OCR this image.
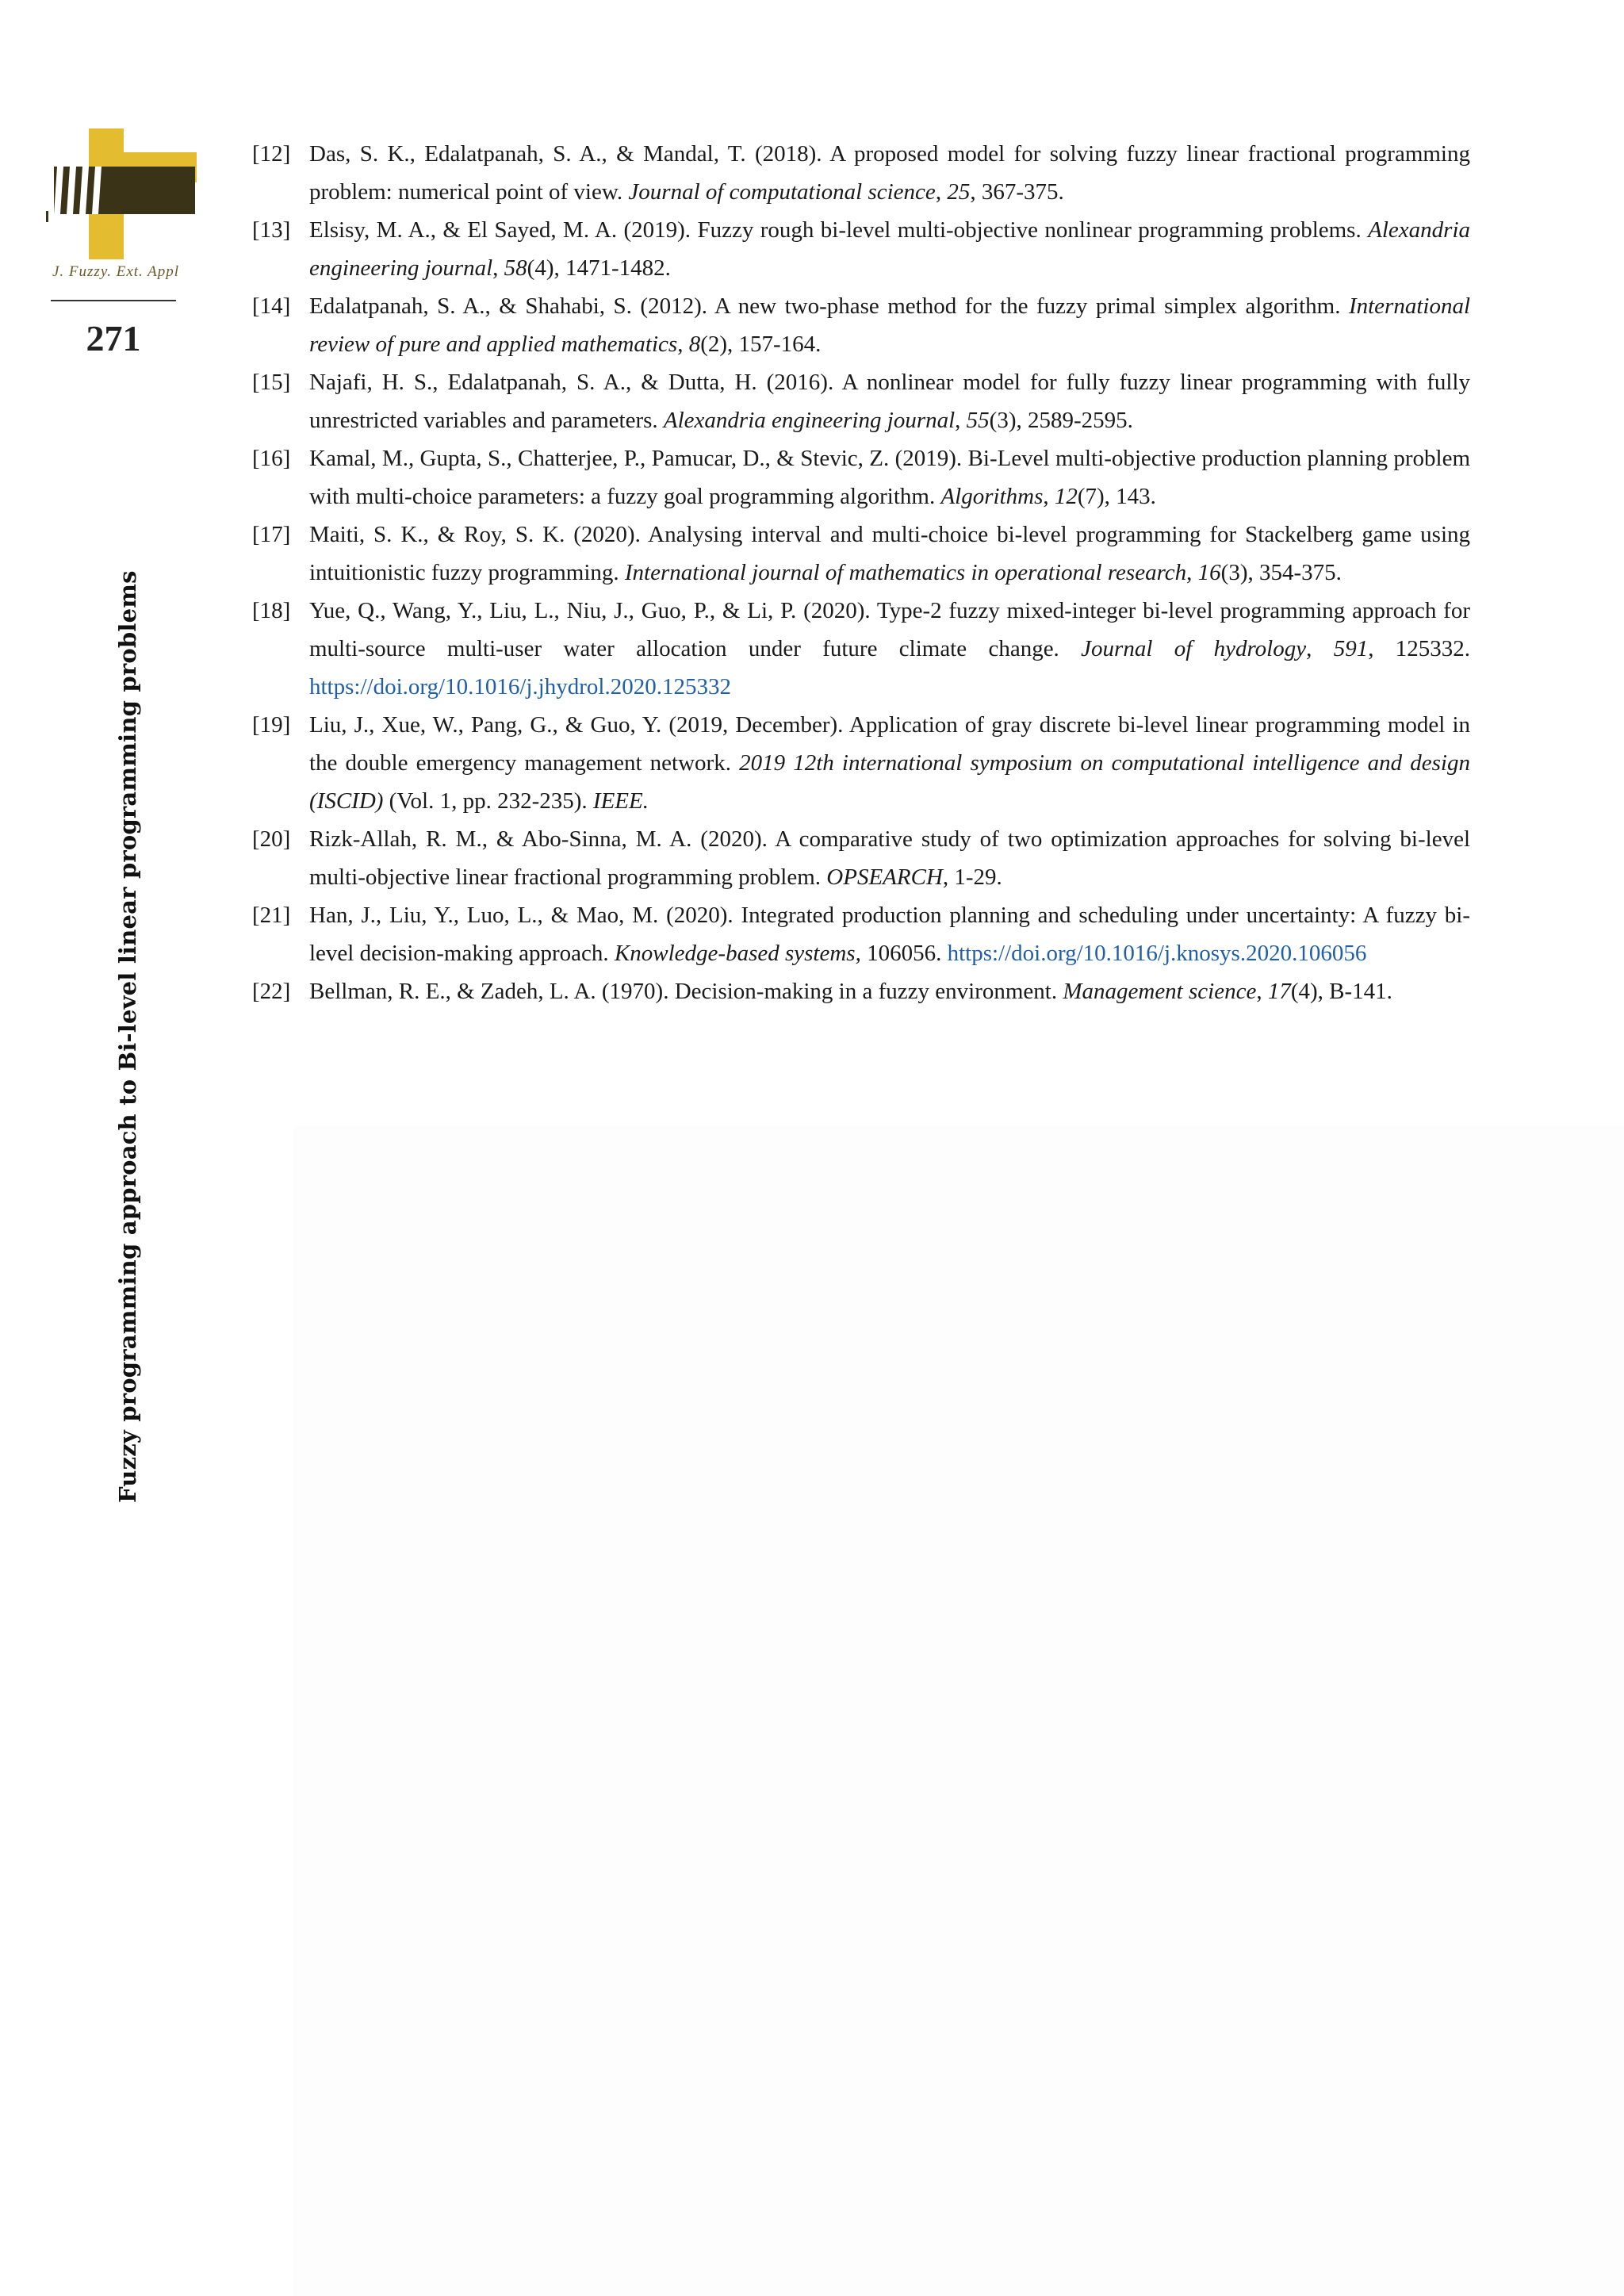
J. Fuzzy. Ext. Appl
271
Fuzzy programming approach to Bi-level linear programming problems
[12] Das, S. K., Edalatpanah, S. A., & Mandal, T. (2018). A proposed model for solving fuzzy linear fractional programming problem: numerical point of view. Journal of computational science, 25, 367-375.
[13] Elsisy, M. A., & El Sayed, M. A. (2019). Fuzzy rough bi-level multi-objective nonlinear programming problems. Alexandria engineering journal, 58(4), 1471-1482.
[14] Edalatpanah, S. A., & Shahabi, S. (2012). A new two-phase method for the fuzzy primal simplex algorithm. International review of pure and applied mathematics, 8(2), 157-164.
[15] Najafi, H. S., Edalatpanah, S. A., & Dutta, H. (2016). A nonlinear model for fully fuzzy linear programming with fully unrestricted variables and parameters. Alexandria engineering journal, 55(3), 2589-2595.
[16] Kamal, M., Gupta, S., Chatterjee, P., Pamucar, D., & Stevic, Z. (2019). Bi-Level multi-objective production planning problem with multi-choice parameters: a fuzzy goal programming algorithm. Algorithms, 12(7), 143.
[17] Maiti, S. K., & Roy, S. K. (2020). Analysing interval and multi-choice bi-level programming for Stackelberg game using intuitionistic fuzzy programming. International journal of mathematics in operational research, 16(3), 354-375.
[18] Yue, Q., Wang, Y., Liu, L., Niu, J., Guo, P., & Li, P. (2020). Type-2 fuzzy mixed-integer bi-level programming approach for multi-source multi-user water allocation under future climate change. Journal of hydrology, 591, 125332. https://doi.org/10.1016/j.jhydrol.2020.125332
[19] Liu, J., Xue, W., Pang, G., & Guo, Y. (2019, December). Application of gray discrete bi-level linear programming model in the double emergency management network. 2019 12th international symposium on computational intelligence and design (ISCID) (Vol. 1, pp. 232-235). IEEE.
[20] Rizk-Allah, R. M., & Abo-Sinna, M. A. (2020). A comparative study of two optimization approaches for solving bi-level multi-objective linear fractional programming problem. OPSEARCH, 1-29.
[21] Han, J., Liu, Y., Luo, L., & Mao, M. (2020). Integrated production planning and scheduling under uncertainty: A fuzzy bi-level decision-making approach. Knowledge-based systems, 106056. https://doi.org/10.1016/j.knosys.2020.106056
[22] Bellman, R. E., & Zadeh, L. A. (1970). Decision-making in a fuzzy environment. Management science, 17(4), B-141.
